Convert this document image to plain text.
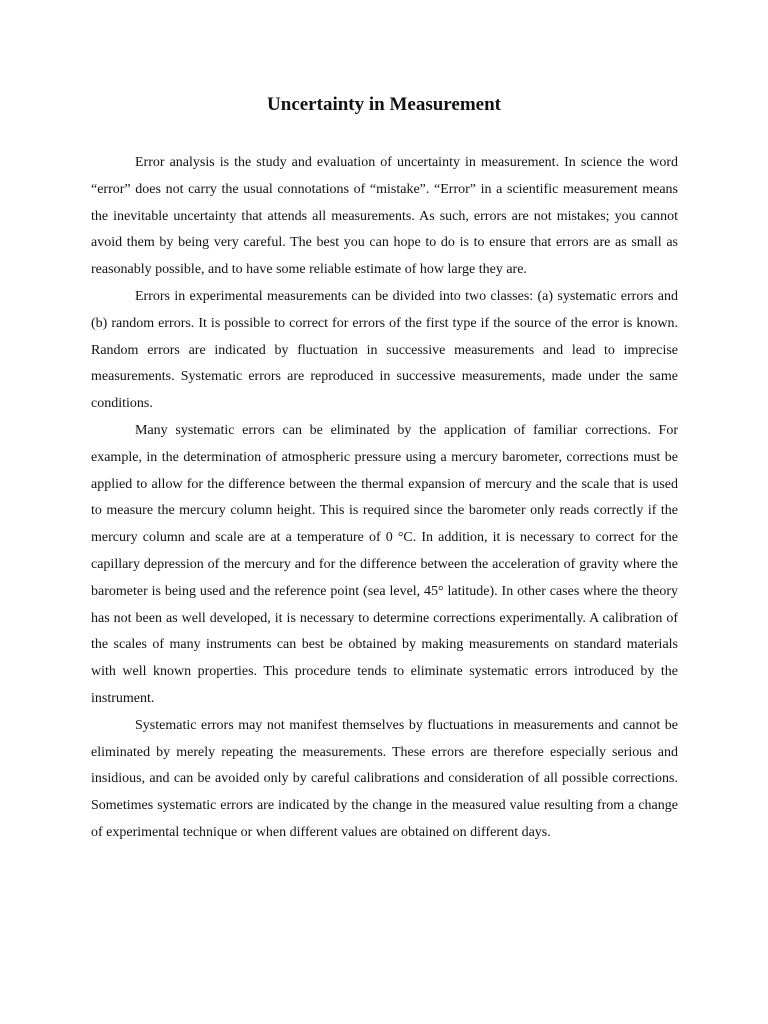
Uncertainty in Measurement

Error analysis is the study and evaluation of uncertainty in measurement. In science the word “error” does not carry the usual connotations of “mistake”. “Error” in a scientific measurement means the inevitable uncertainty that attends all measurements. As such, errors are not mistakes; you cannot avoid them by being very careful. The best you can hope to do is to ensure that errors are as small as reasonably possible, and to have some reliable estimate of how large they are.

Errors in experimental measurements can be divided into two classes: (a) systematic errors and (b) random errors. It is possible to correct for errors of the first type if the source of the error is known. Random errors are indicated by fluctuation in successive measurements and lead to imprecise measurements. Systematic errors are reproduced in successive measurements, made under the same conditions.

Many systematic errors can be eliminated by the application of familiar corrections. For example, in the determination of atmospheric pressure using a mercury barometer, corrections must be applied to allow for the difference between the thermal expansion of mercury and the scale that is used to measure the mercury column height. This is required since the barometer only reads correctly if the mercury column and scale are at a temperature of 0 °C. In addition, it is necessary to correct for the capillary depression of the mercury and for the difference between the acceleration of gravity where the barometer is being used and the reference point (sea level, 45° latitude). In other cases where the theory has not been as well developed, it is necessary to determine corrections experimentally. A calibration of the scales of many instruments can best be obtained by making measurements on standard materials with well known properties. This procedure tends to eliminate systematic errors introduced by the instrument.

Systematic errors may not manifest themselves by fluctuations in measurements and cannot be eliminated by merely repeating the measurements. These errors are therefore especially serious and insidious, and can be avoided only by careful calibrations and consideration of all possible corrections. Sometimes systematic errors are indicated by the change in the measured value resulting from a change of experimental technique or when different values are obtained on different days.
